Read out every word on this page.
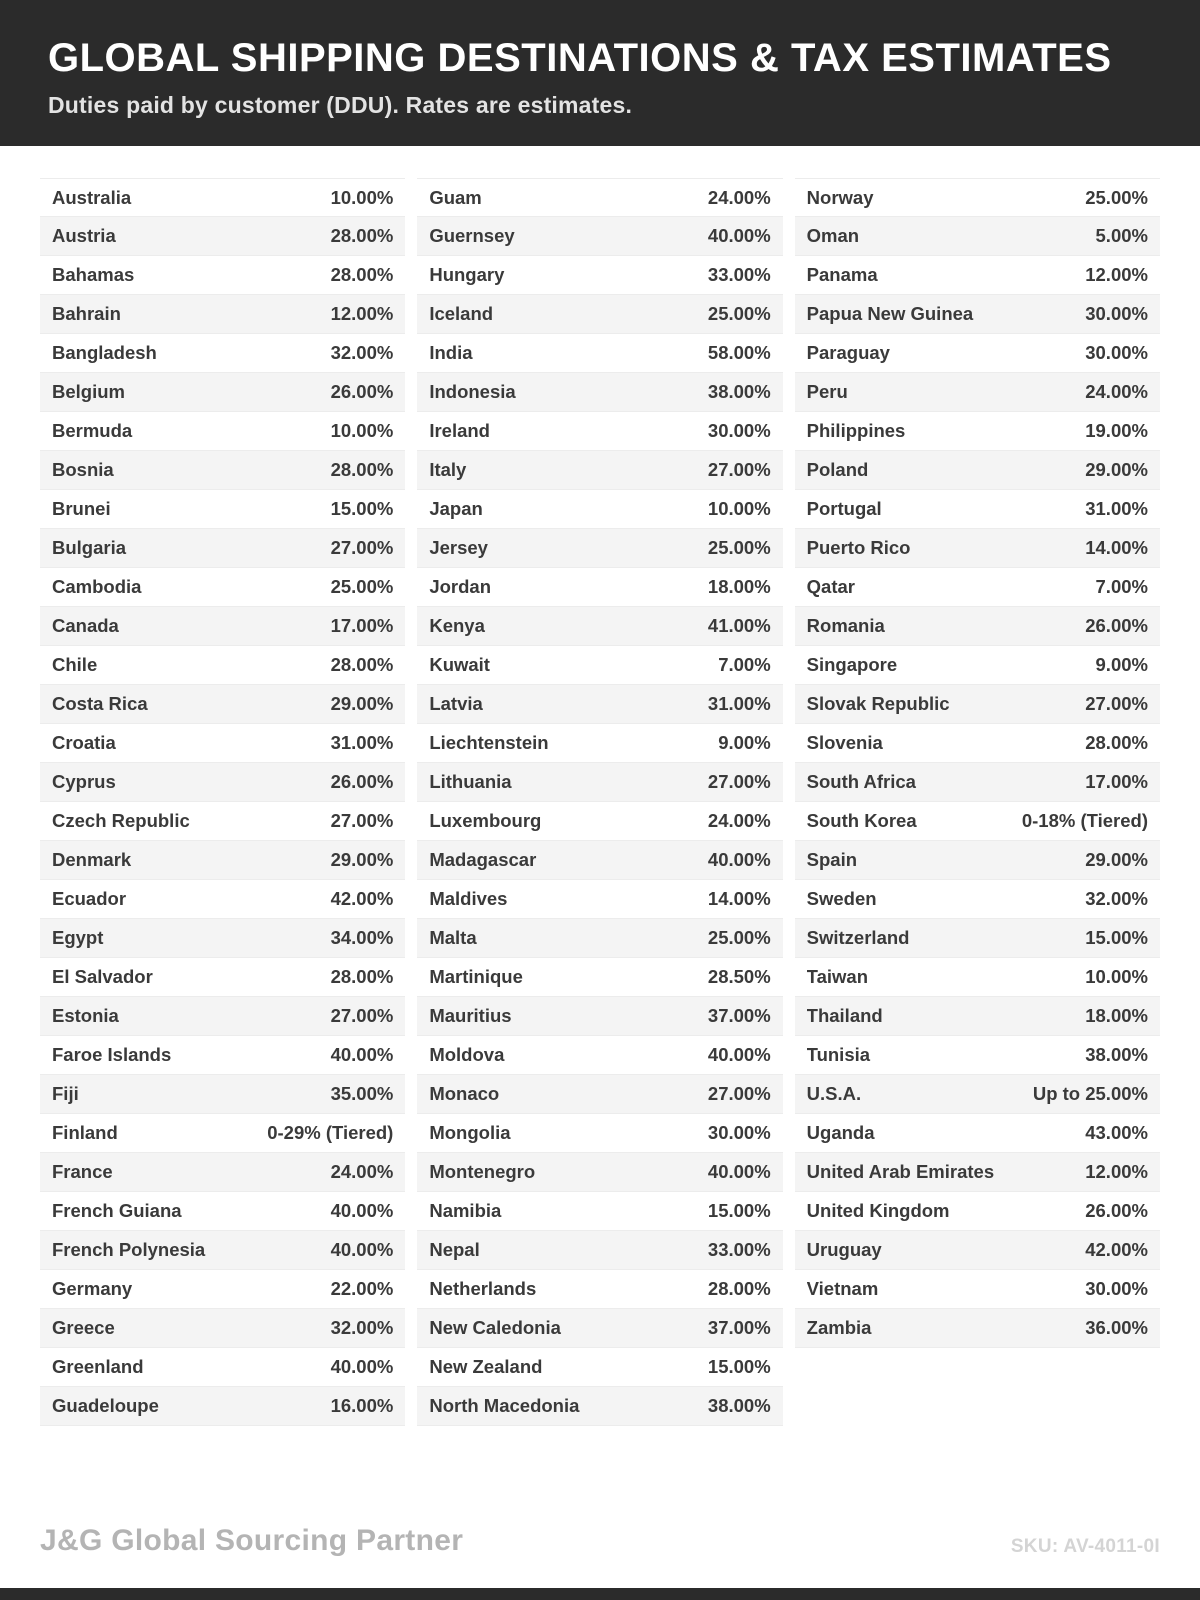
GLOBAL SHIPPING DESTINATIONS & TAX ESTIMATES

Duties paid by customer (DDU). Rates are estimates.

Australia	10.00%
Austria	28.00%
Bahamas	28.00%
Bahrain	12.00%
Bangladesh	32.00%
Belgium	26.00%
Bermuda	10.00%
Bosnia	28.00%
Brunei	15.00%
Bulgaria	27.00%
Cambodia	25.00%
Canada	17.00%
Chile	28.00%
Costa Rica	29.00%
Croatia	31.00%
Cyprus	26.00%
Czech Republic	27.00%
Denmark	29.00%
Ecuador	42.00%
Egypt	34.00%
El Salvador	28.00%
Estonia	27.00%
Faroe Islands	40.00%
Fiji	35.00%
Finland	0-29% (Tiered)
France	24.00%
French Guiana	40.00%
French Polynesia	40.00%
Germany	22.00%
Greece	32.00%
Greenland	40.00%
Guadeloupe	16.00%
Guam	24.00%
Guernsey	40.00%
Hungary	33.00%
Iceland	25.00%
India	58.00%
Indonesia	38.00%
Ireland	30.00%
Italy	27.00%
Japan	10.00%
Jersey	25.00%
Jordan	18.00%
Kenya	41.00%
Kuwait	7.00%
Latvia	31.00%
Liechtenstein	9.00%
Lithuania	27.00%
Luxembourg	24.00%
Madagascar	40.00%
Maldives	14.00%
Malta	25.00%
Martinique	28.50%
Mauritius	37.00%
Moldova	40.00%
Monaco	27.00%
Mongolia	30.00%
Montenegro	40.00%
Namibia	15.00%
Nepal	33.00%
Netherlands	28.00%
New Caledonia	37.00%
New Zealand	15.00%
North Macedonia	38.00%
Norway	25.00%
Oman	5.00%
Panama	12.00%
Papua New Guinea	30.00%
Paraguay	30.00%
Peru	24.00%
Philippines	19.00%
Poland	29.00%
Portugal	31.00%
Puerto Rico	14.00%
Qatar	7.00%
Romania	26.00%
Singapore	9.00%
Slovak Republic	27.00%
Slovenia	28.00%
South Africa	17.00%
South Korea	0-18% (Tiered)
Spain	29.00%
Sweden	32.00%
Switzerland	15.00%
Taiwan	10.00%
Thailand	18.00%
Tunisia	38.00%
U.S.A.	Up to 25.00%
Uganda	43.00%
United Arab Emirates	12.00%
United Kingdom	26.00%
Uruguay	42.00%
Vietnam	30.00%
Zambia	36.00%
J&G Global Sourcing Partner	SKU: AV-4011-0I
